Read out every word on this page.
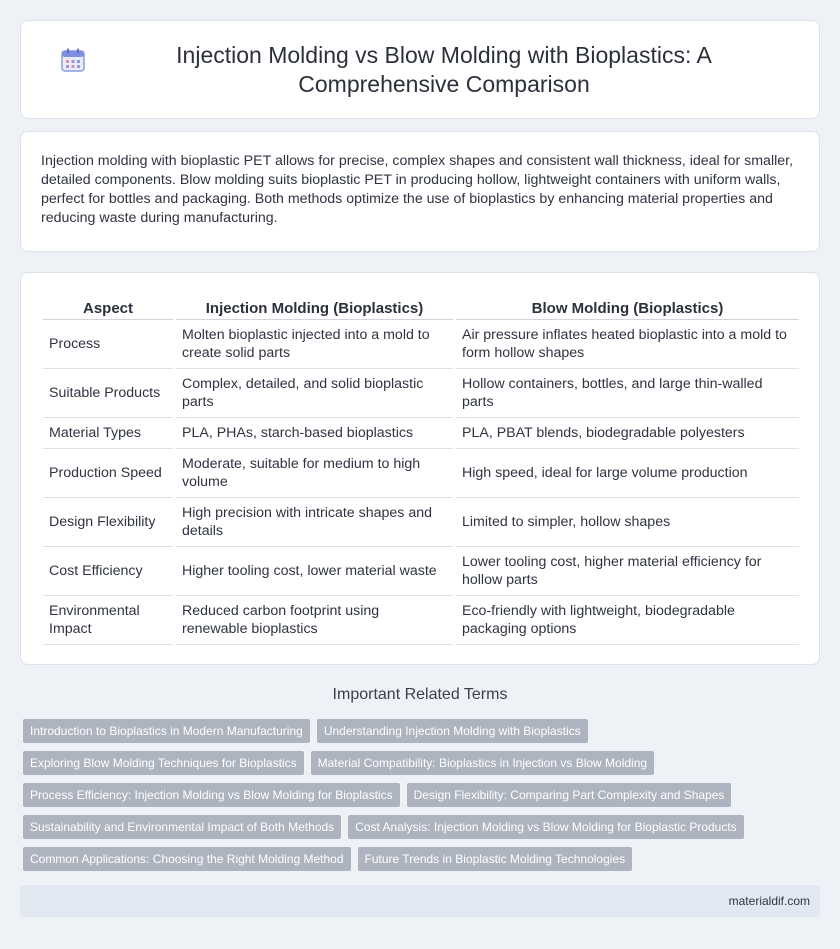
Injection Molding vs Blow Molding with Bioplastics: A Comprehensive Comparison

Injection molding with bioplastic PET allows for precise, complex shapes and consistent wall thickness, ideal for smaller, detailed components. Blow molding suits bioplastic PET in producing hollow, lightweight containers with uniform walls, perfect for bottles and packaging. Both methods optimize the use of bioplastics by enhancing material properties and reducing waste during manufacturing.

Aspect		Injection Molding (Bioplastics)		Blow Molding (Bioplastics)
Process		Molten bioplastic injected into a mold to create solid parts		Air pressure inflates heated bioplastic into a mold to form hollow shapes
Suitable Products		Complex, detailed, and solid bioplastic parts		Hollow containers, bottles, and large thin-walled parts
Material Types		PLA, PHAs, starch-based bioplastics		PLA, PBAT blends, biodegradable polyesters
Production Speed		Moderate, suitable for medium to high volume		High speed, ideal for large volume production
Design Flexibility		High precision with intricate shapes and details		Limited to simpler, hollow shapes
Cost Efficiency		Higher tooling cost, lower material waste		Lower tooling cost, higher material efficiency for hollow parts
Environmental Impact		Reduced carbon footprint using renewable bioplastics		Eco-friendly with lightweight, biodegradable packaging options
Important Related Terms
Introduction to Bioplastics in Modern Manufacturing	Understanding Injection Molding with Bioplastics
Exploring Blow Molding Techniques for Bioplastics	Material Compatibility: Bioplastics in Injection vs Blow Molding
Process Efficiency: Injection Molding vs Blow Molding for Bioplastics	Design Flexibility: Comparing Part Complexity and Shapes
Sustainability and Environmental Impact of Both Methods	Cost Analysis: Injection Molding vs Blow Molding for Bioplastic Products
Common Applications: Choosing the Right Molding Method	Future Trends in Bioplastic Molding Technologies
materialdif.com
